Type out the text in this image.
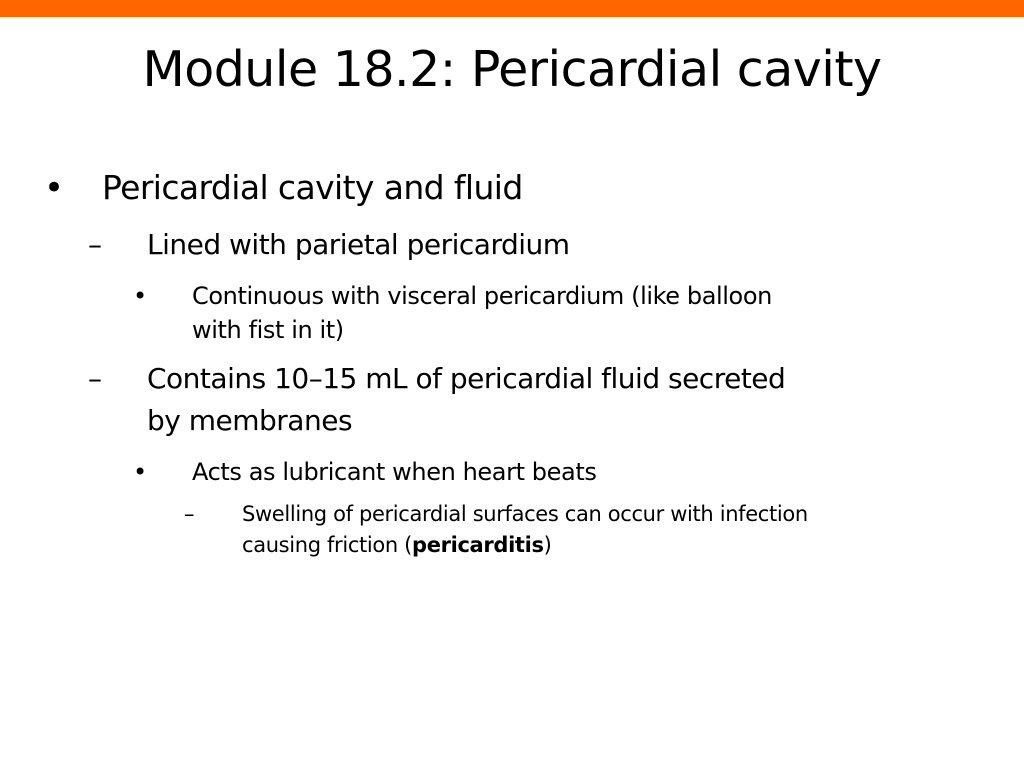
Module 18.2: Pericardial cavity
• Pericardial cavity and fluid
– Lined with parietal pericardium
• Continuous with visceral pericardium (like balloon
with fist in it)
– Contains 10–15 mL of pericardial fluid secreted
by membranes
• Acts as lubricant when heart beats
– Swelling of pericardial surfaces can occur with infection
causing friction (pericarditis)
